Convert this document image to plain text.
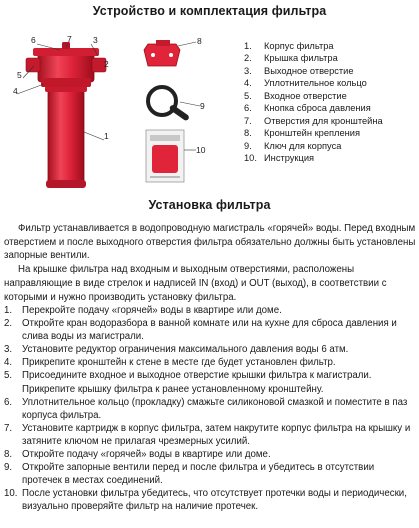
Устройство и комплектация фильтра
1
2
3
4
5
6	7	8
9
10
1.	Корпус фильтра
2.	Крышка фильтра
3.	Выходное отверстие
4.	Уплотнительное кольцо
5.	Входное отверстие
6.	Кнопка сброса давления
7.	Отверстия для кронштейна
8.	Кронштейн крепления
9.	Ключ для корпуса
10. Инструкция
Установка фильтра

Фильтр устанавливается в водопроводную магистраль «горячей» воды. Перед входным отверстием и после выходного отверстия фильтра обязательно должны быть установлены запорные вентили.

На крышке фильтра над входным и выходным отверстиями, расположены направляющие в виде стрелок и надписей IN (вход) и OUT (выход), в соответствии с которыми и нужно производить установку фильтра.

1.	Перекройте подачу «горячей» воды в квартире или доме.
2.	Откройте кран водоразбора в ванной комнате или на кухне для сброса давления и слива воды из магистрали.
3.	Установите редуктор ограничения максимального давления воды 6 атм.
4.	Прикрепите кронштейн к стене в месте где будет установлен фильтр.
5.	Присоедините входное и выходное отверстие крышки фильтра к магистрали. Прикрепите крышку фильтра к ранее установленному кронштейну.
6.	Уплотнительное кольцо (прокладку) смажьте силиконовой смазкой и поместите в паз корпуса фильтра.
7.	Установите картридж в корпус фильтра, затем накрутите корпус фильтра на крышку и затяните ключом не прилагая чрезмерных усилий.
8.	Откройте подачу «горячей» воды в квартире или доме.
9.	Откройте запорные вентили перед и после фильтра и убедитесь в отсутствии протечек в местах соединений.
10. После установки фильтра убедитесь, что отсутствует протечки воды и периодически, визуально проверяйте фильтр на наличие протечек.
